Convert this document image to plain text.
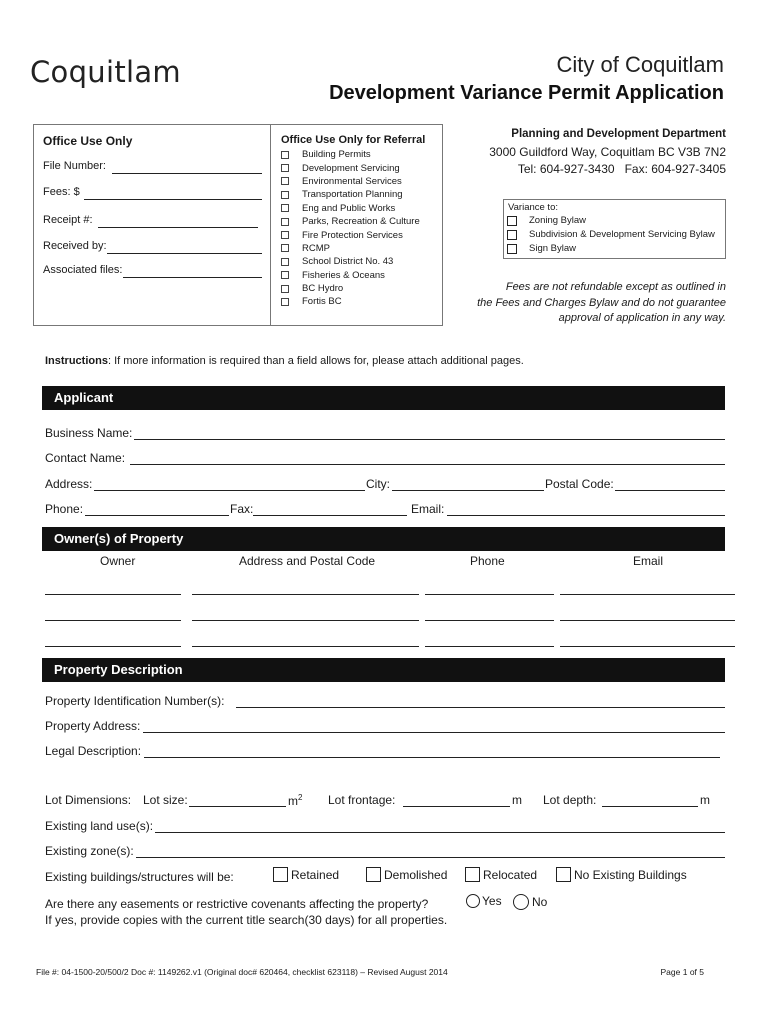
Coquitlam	City of Coquitlam
Development Variance Permit Application
Office Use Only
File Number:
Fees: $
Receipt #:
Received by:
Associated files:
Office Use Only for Referral
Building Permits
Development Servicing
Environmental Services
Transportation Planning
Eng and Public Works
Parks, Recreation & Culture
Fire Protection Services
RCMP
School District No. 43
Fisheries & Oceans
BC Hydro
Fortis BC
Planning and Development Department
3000 Guildford Way, Coquitlam BC V3B 7N2
Tel: 604-927-3430   Fax: 604-927-3405
Variance to:
Zoning Bylaw
Subdivision & Development Servicing Bylaw
Sign Bylaw
Fees are not refundable except as outlined in
the Fees and Charges Bylaw and do not guarantee
approval of application in any way.
Instructions: If more information is required than a field allows for, please attach additional pages.
Applicant
Business Name:
Contact Name:
Address:	City:	Postal Code:
Phone:	Fax:	Email:
Owner(s) of Property
Owner	Address and Postal Code	Phone	Email
Property Description
Property Identification Number(s):
Property Address:
Legal Description:
Lot Dimensions: Lot size:	$m^2$ Lot frontage:	m Lot depth:	m
Existing land use(s):
Existing zone(s):
Existing buildings/structures will be:	Retained	Demolished	Relocated	No Existing Buildings
Are there any easements or restrictive covenants affecting the property?	Yes	No
If yes, provide copies with the current title search(30 days) for all properties.
File #: 04-1500-20/500/2 Doc #: 1149262.v1 (Original doc# 620464, checklist 623118) – Revised August 2014	Page 1 of 5
